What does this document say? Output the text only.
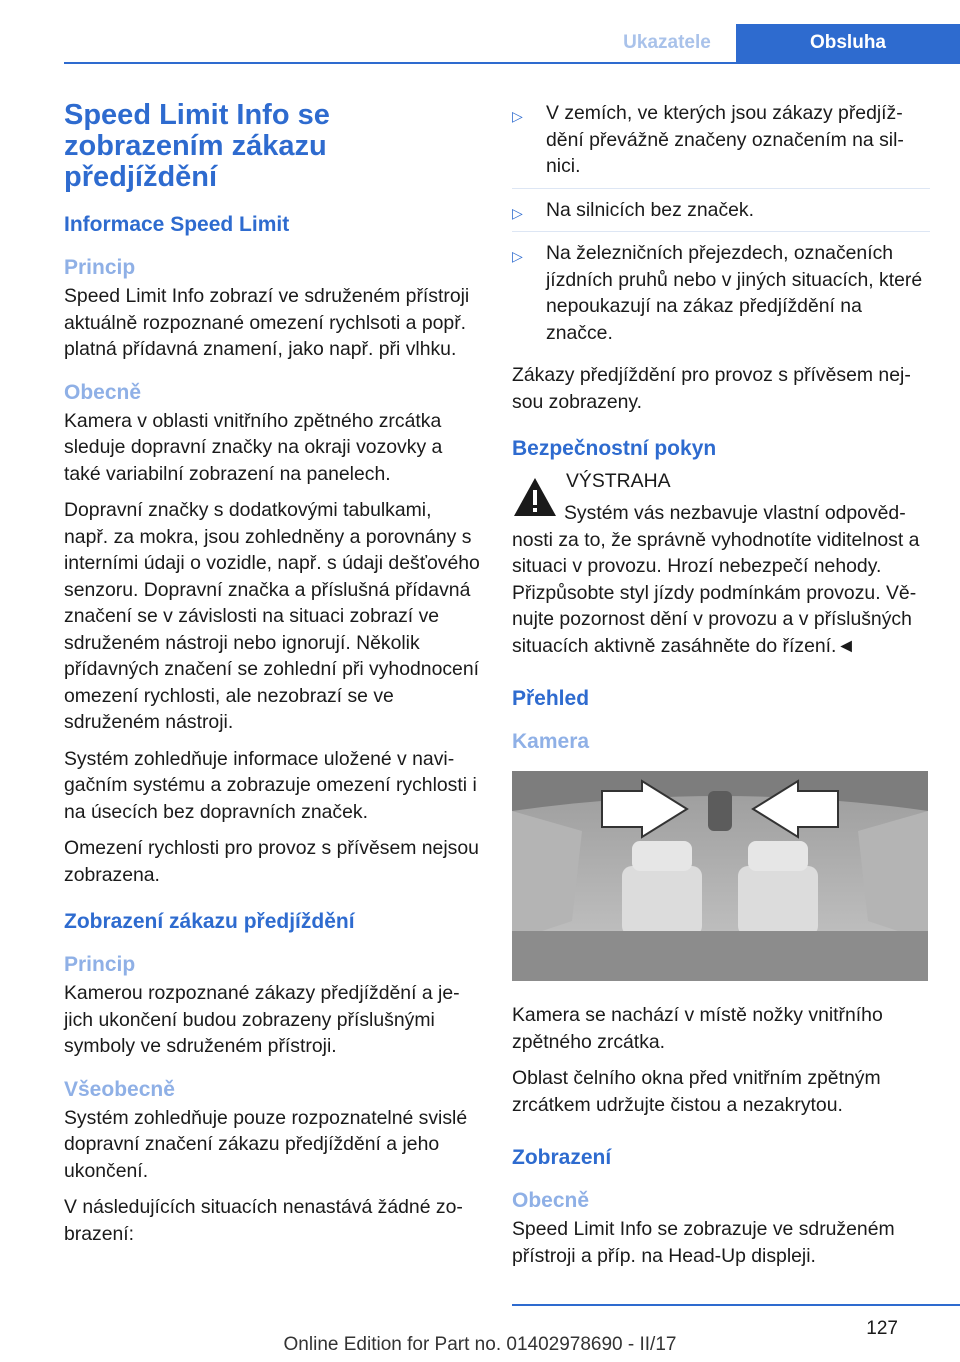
Ukazatele	Obsluha
Speed Limit Info se zobrazením zákazu předjíždění
Informace Speed Limit
Princip

Speed Limit Info zobrazí ve sdruženém přístroji aktuálně rozpoznané omezení rychlsoti a popř. platná přídavná znamení, jako např. při vlhku.

Obecně

Kamera v oblasti vnitřního zpětného zrcátka sleduje dopravní značky na okraji vozovky a také variabilní zobrazení na panelech.

Dopravní značky s dodatkovými tabulkami, např. za mokra, jsou zohledněny a porovnány s interními údaji o vozidle, např. s údaji dešťového senzoru. Dopravní značka a příslušná přídavná značení se v závislosti na situaci zobrazí ve sdruženém nástroji nebo ignorují. Několik přídavných značení se zohlední při vyhodnocení omezení rychlosti, ale nezobrazí se ve sdruženém nástroji.

Systém zohledňuje informace uložené v navigačním systému a zobrazuje omezení rychlosti i na úsecích bez dopravních značek.

Omezení rychlosti pro provoz s přívěsem nejsou zobrazena.

Zobrazení zákazu předjíždění
Princip

Kamerou rozpoznané zákazy předjíždění a jejich ukončení budou zobrazeny příslušnými symboly ve sdruženém přístroji.

Všeobecně

Systém zohledňuje pouze rozpoznatelné svislé dopravní značení zákazu předjíždění a jeho ukončení.

V následujících situacích nenastává žádné zobrazení:

▷ V zemích, ve kterých jsou zákazy předjíždění převážně značeny označením na silnici.
▷ Na silnicích bez značek.
▷ Na železničních přejezdech, označeních jízdních pruhů nebo v jiných situacích, které nepoukazují na zákaz předjíždění na značce.

Zákazy předjíždění pro provoz s přívěsem nejsou zobrazeny.

Bezpečnostní pokyn
VÝSTRAHA

Systém vás nezbavuje vlastní odpovědnosti za to, že správně vyhodnotíte viditelnost a situaci v provozu. Hrozí nebezpečí nehody. Přizpůsobte styl jízdy podmínkám provozu. Věnujte pozornost dění v provozu a v příslušných situacích aktivně zasáhněte do řízení.◄

Přehled
Kamera

Kamera se nachází v místě nožky vnitřního zpětného zrcátka.

Oblast čelního okna před vnitřním zpětným zrcátkem udržujte čistou a nezakrytou.

Zobrazení
Obecně

Speed Limit Info se zobrazuje ve sdruženém přístroji a příp. na Head-Up displeji.

127
Online Edition for Part no. 01402978690 - II/17
